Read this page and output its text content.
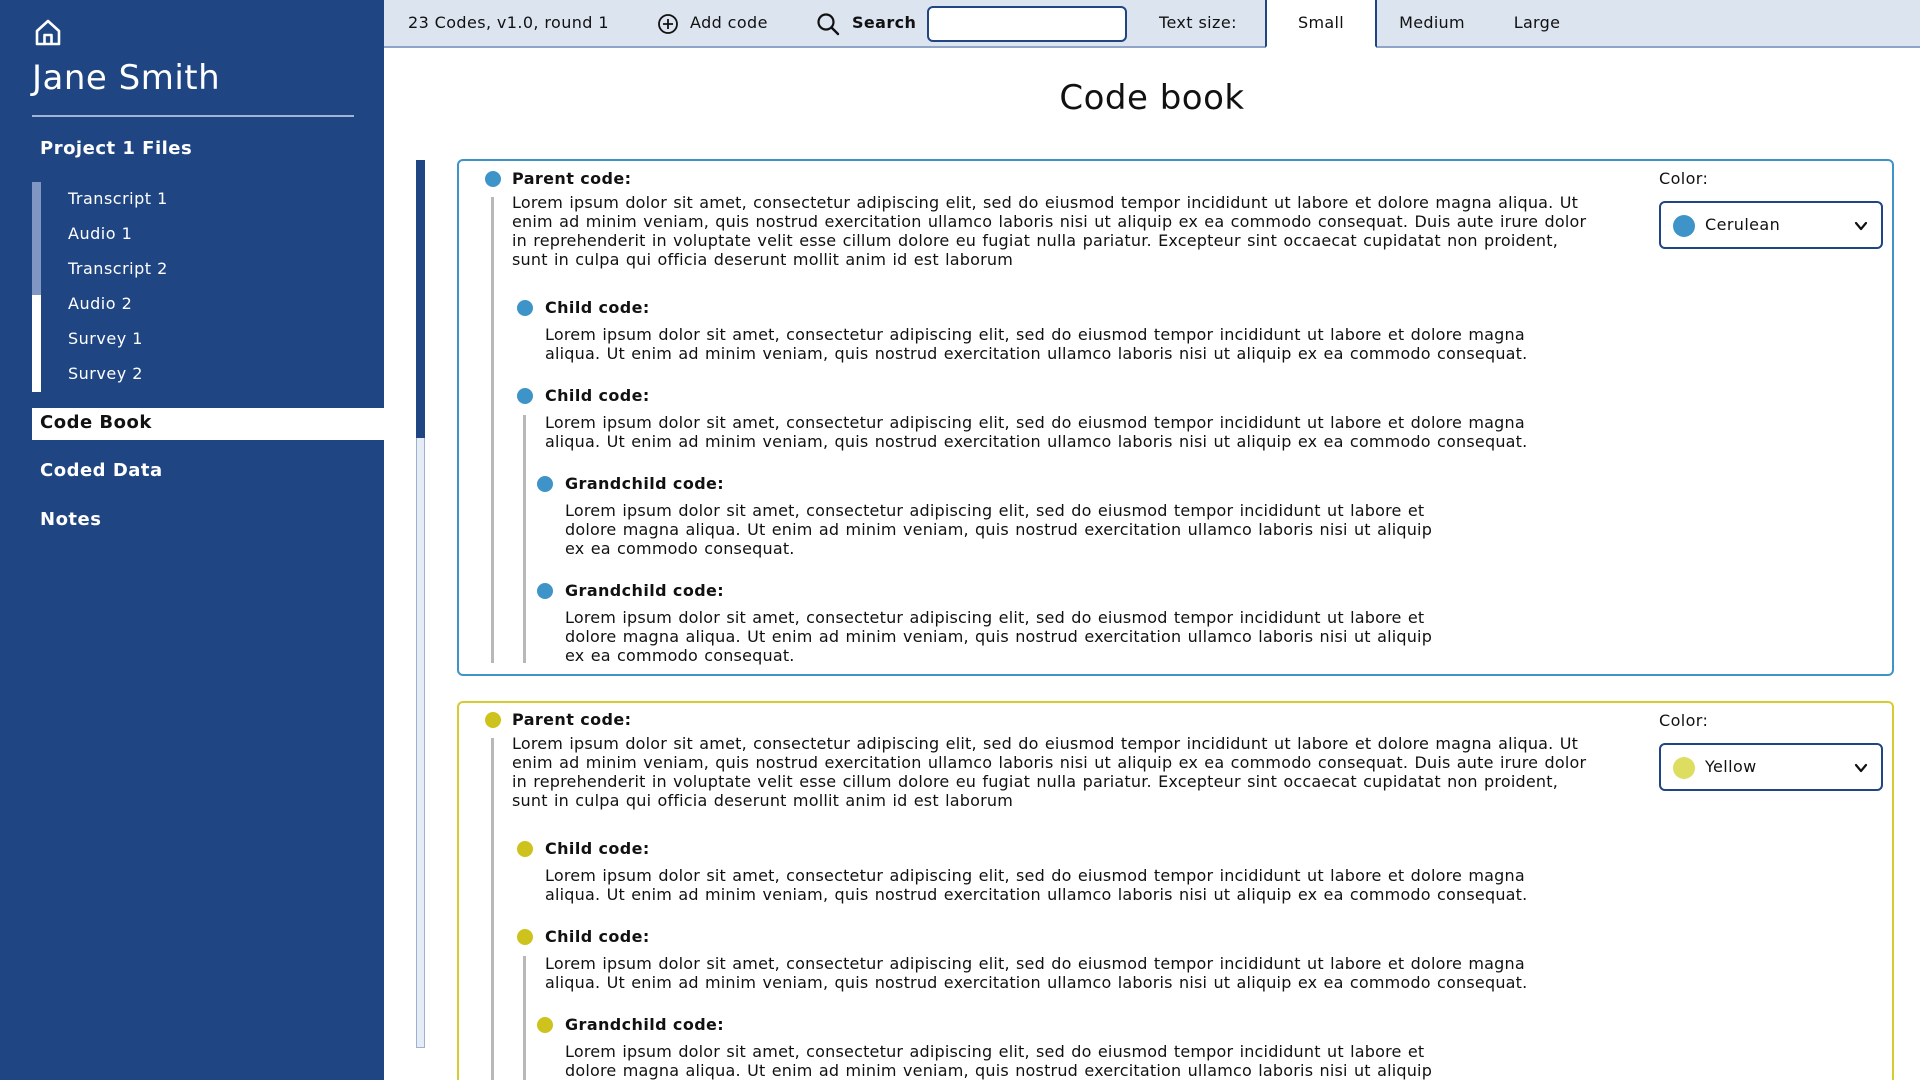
Jane Smith
Project 1 Files
Transcript 1
Audio 1
Transcript 2
Audio 2
Survey 1
Survey 2
Code Book
Coded Data
Notes
23 Codes, v1.0, round 1	Add code	Search	Text size:	Small	Medium	Large
Code book
Parent code:
Lorem ipsum dolor sit amet, consectetur adipiscing elit, sed do eiusmod tempor incididunt ut labore et dolore magna aliqua. Ut
enim ad minim veniam, quis nostrud exercitation ullamco laboris nisi ut aliquip ex ea commodo consequat. Duis aute irure dolor
in reprehenderit in voluptate velit esse cillum dolore eu fugiat nulla pariatur. Excepteur sint occaecat cupidatat non proident,
sunt in culpa qui officia deserunt mollit anim id est laborum
Child code:
Lorem ipsum dolor sit amet, consectetur adipiscing elit, sed do eiusmod tempor incididunt ut labore et dolore magna
aliqua. Ut enim ad minim veniam, quis nostrud exercitation ullamco laboris nisi ut aliquip ex ea commodo consequat.
Child code:
Lorem ipsum dolor sit amet, consectetur adipiscing elit, sed do eiusmod tempor incididunt ut labore et dolore magna
aliqua. Ut enim ad minim veniam, quis nostrud exercitation ullamco laboris nisi ut aliquip ex ea commodo consequat.
Grandchild code:
Lorem ipsum dolor sit amet, consectetur adipiscing elit, sed do eiusmod tempor incididunt ut labore et
dolore magna aliqua. Ut enim ad minim veniam, quis nostrud exercitation ullamco laboris nisi ut aliquip
ex ea commodo consequat.
Grandchild code:
Lorem ipsum dolor sit amet, consectetur adipiscing elit, sed do eiusmod tempor incididunt ut labore et
dolore magna aliqua. Ut enim ad minim veniam, quis nostrud exercitation ullamco laboris nisi ut aliquip
ex ea commodo consequat.
Color:
Cerulean
Parent code:
Lorem ipsum dolor sit amet, consectetur adipiscing elit, sed do eiusmod tempor incididunt ut labore et dolore magna aliqua. Ut
enim ad minim veniam, quis nostrud exercitation ullamco laboris nisi ut aliquip ex ea commodo consequat. Duis aute irure dolor
in reprehenderit in voluptate velit esse cillum dolore eu fugiat nulla pariatur. Excepteur sint occaecat cupidatat non proident,
sunt in culpa qui officia deserunt mollit anim id est laborum
Child code:
Lorem ipsum dolor sit amet, consectetur adipiscing elit, sed do eiusmod tempor incididunt ut labore et dolore magna
aliqua. Ut enim ad minim veniam, quis nostrud exercitation ullamco laboris nisi ut aliquip ex ea commodo consequat.
Child code:
Lorem ipsum dolor sit amet, consectetur adipiscing elit, sed do eiusmod tempor incididunt ut labore et dolore magna
aliqua. Ut enim ad minim veniam, quis nostrud exercitation ullamco laboris nisi ut aliquip ex ea commodo consequat.
Grandchild code:
Lorem ipsum dolor sit amet, consectetur adipiscing elit, sed do eiusmod tempor incididunt ut labore et
dolore magna aliqua. Ut enim ad minim veniam, quis nostrud exercitation ullamco laboris nisi ut aliquip
Color:
Yellow
